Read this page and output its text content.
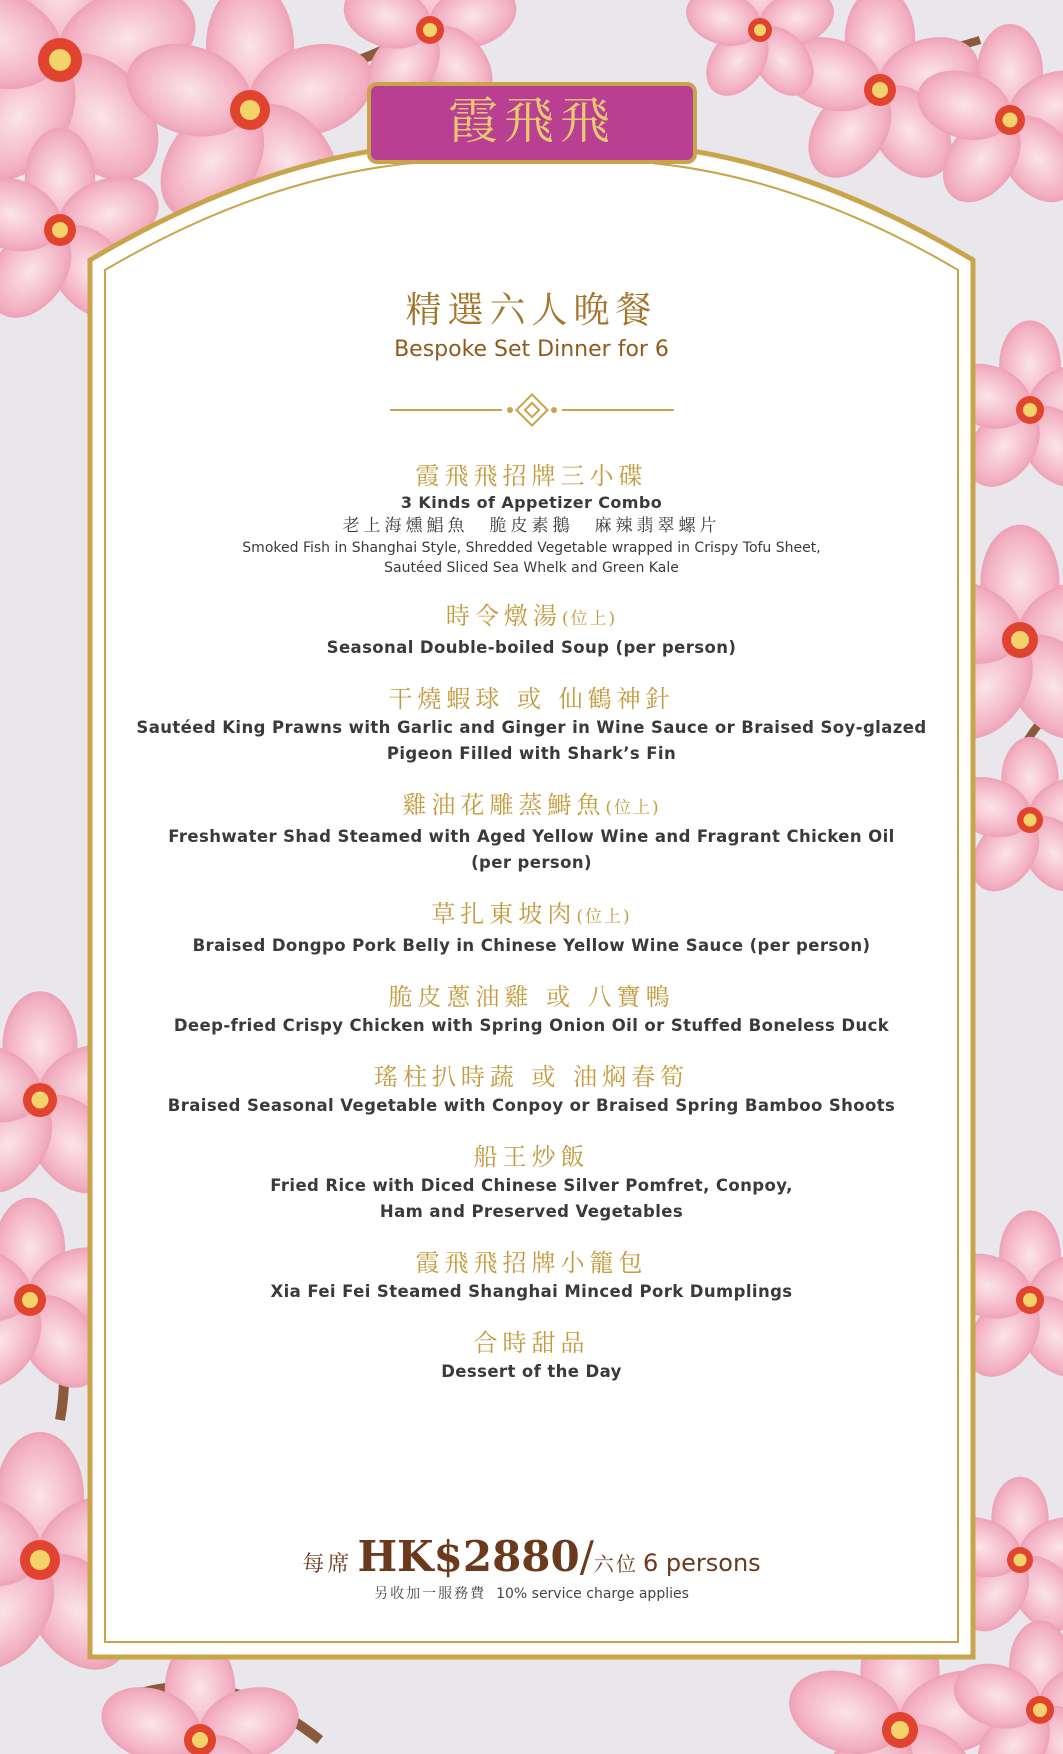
霞飛飛
精選六人晚餐
Bespoke Set Dinner for 6
霞飛飛招牌三小碟
3 Kinds of Appetizer Combo
老上海燻鯧魚　脆皮素鵝　麻辣翡翠螺片
Smoked Fish in Shanghai Style, Shredded Vegetable wrapped in Crispy Tofu Sheet,
Sautéed Sliced Sea Whelk and Green Kale
時令燉湯(位上)
Seasonal Double-boiled Soup (per person)
干燒蝦球 或 仙鶴神針
Sautéed King Prawns with Garlic and Ginger in Wine Sauce or Braised Soy-glazed
Pigeon Filled with Shark’s Fin
雞油花雕蒸鰣魚(位上)
Freshwater Shad Steamed with Aged Yellow Wine and Fragrant Chicken Oil
(per person)
草扎東坡肉(位上)
Braised Dongpo Pork Belly in Chinese Yellow Wine Sauce (per person)
脆皮蔥油雞 或 八寶鴨
Deep-fried Crispy Chicken with Spring Onion Oil or Stuffed Boneless Duck
瑤柱扒時蔬 或 油焖春筍
Braised Seasonal Vegetable with Conpoy or Braised Spring Bamboo Shoots
船王炒飯
Fried Rice with Diced Chinese Silver Pomfret, Conpoy,
Ham and Preserved Vegetables
霞飛飛招牌小籠包
Xia Fei Fei Steamed Shanghai Minced Pork Dumplings
合時甜品
Dessert of the Day
每席 HK$2880/六位 6 persons
另收加一服務費 10% service charge applies
